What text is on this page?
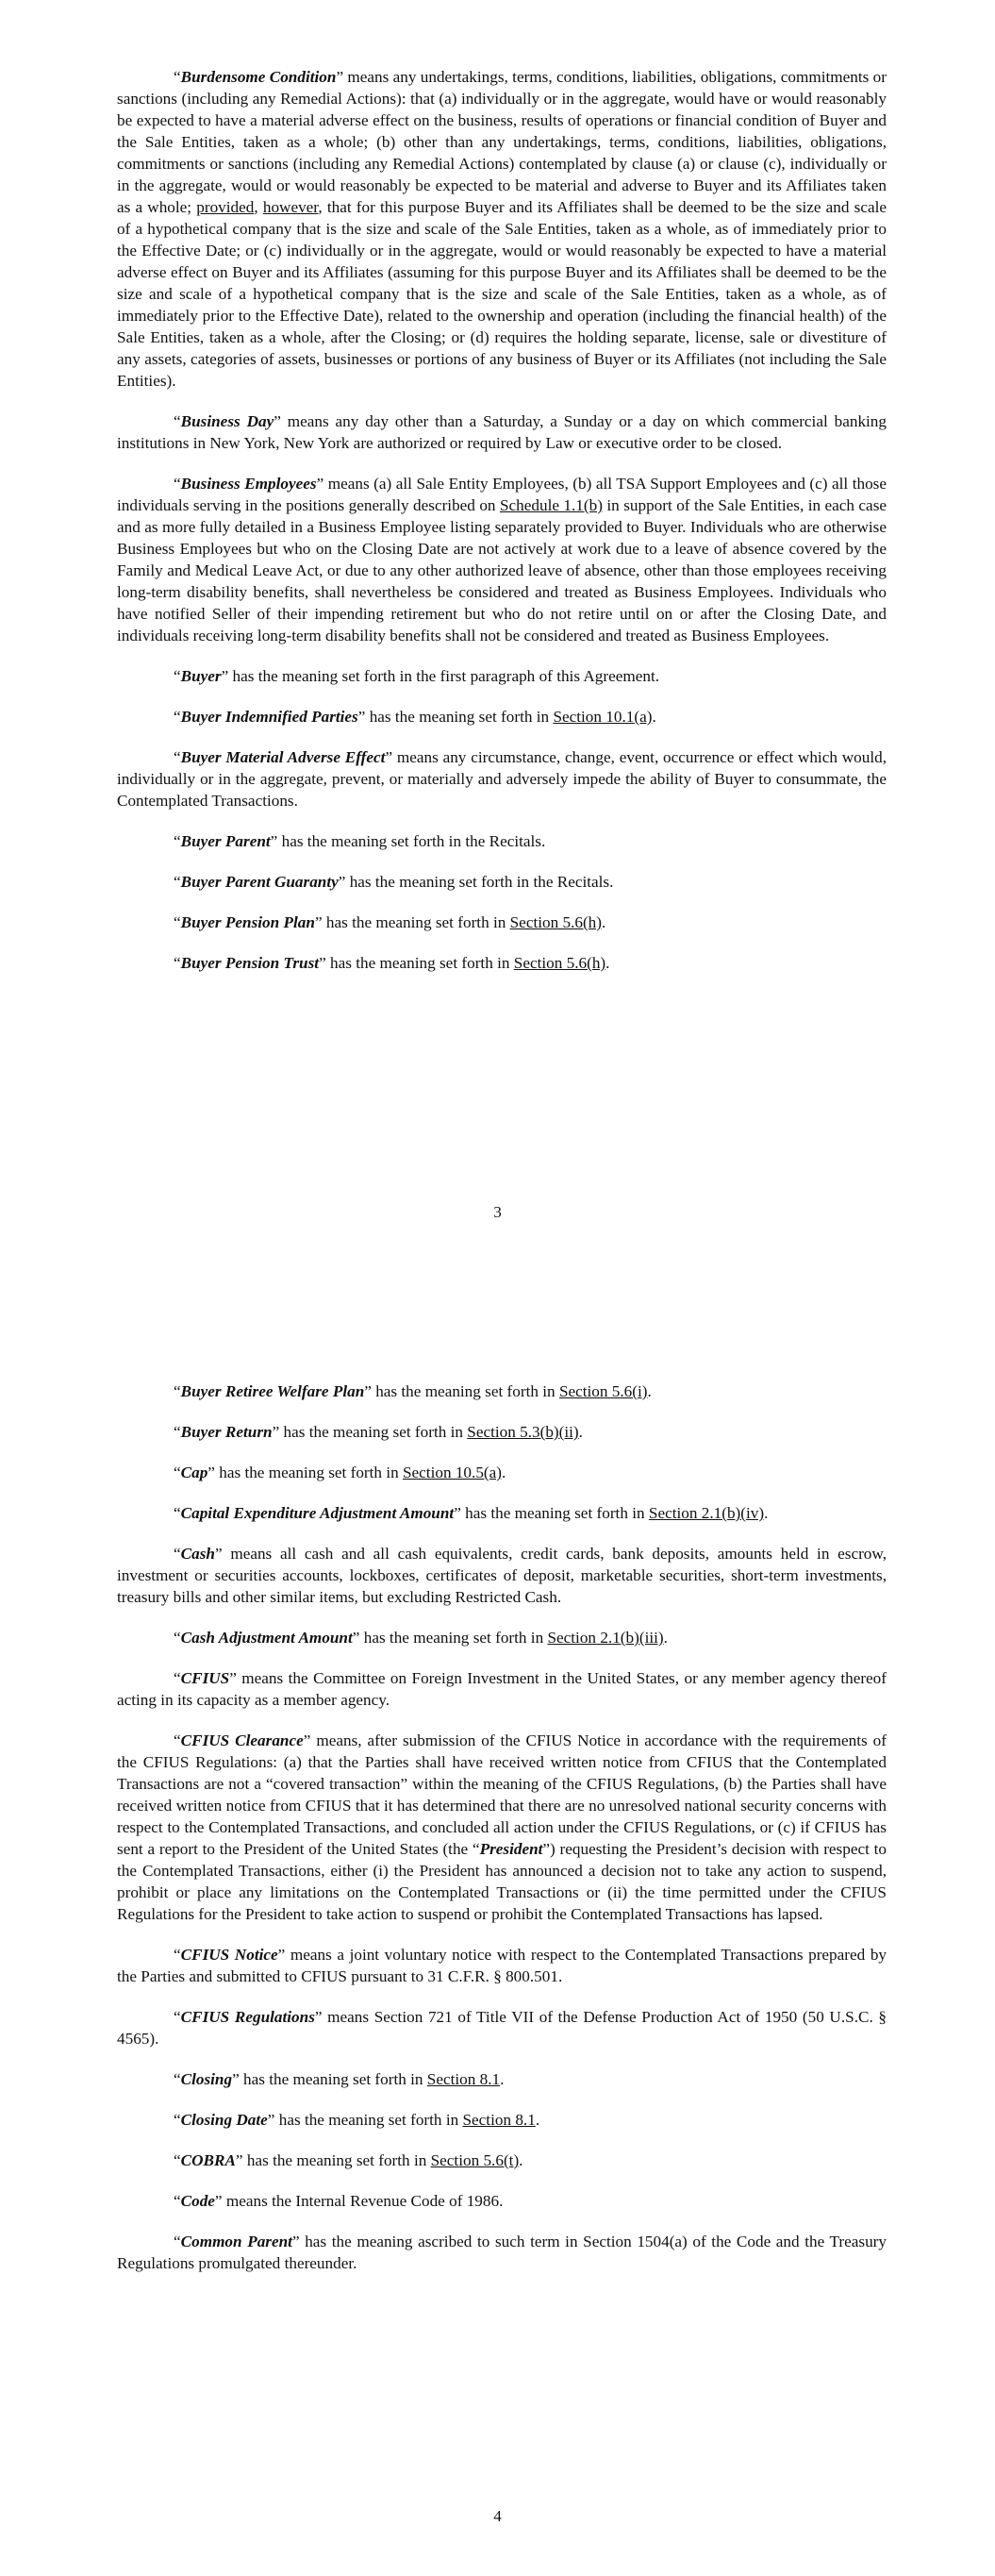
“Burdensome Condition” means any undertakings, terms, conditions, liabilities, obligations, commitments or sanctions (including any Remedial Actions): that (a) individually or in the aggregate, would have or would reasonably be expected to have a material adverse effect on the business, results of operations or financial condition of Buyer and the Sale Entities, taken as a whole; (b) other than any undertakings, terms, conditions, liabilities, obligations, commitments or sanctions (including any Remedial Actions) contemplated by clause (a) or clause (c), individually or in the aggregate, would or would reasonably be expected to be material and adverse to Buyer and its Affiliates taken as a whole; provided, however, that for this purpose Buyer and its Affiliates shall be deemed to be the size and scale of a hypothetical company that is the size and scale of the Sale Entities, taken as a whole, as of immediately prior to the Effective Date; or (c) individually or in the aggregate, would or would reasonably be expected to have a material adverse effect on Buyer and its Affiliates (assuming for this purpose Buyer and its Affiliates shall be deemed to be the size and scale of a hypothetical company that is the size and scale of the Sale Entities, taken as a whole, as of immediately prior to the Effective Date), related to the ownership and operation (including the financial health) of the Sale Entities, taken as a whole, after the Closing; or (d) requires the holding separate, license, sale or divestiture of any assets, categories of assets, businesses or portions of any business of Buyer or its Affiliates (not including the Sale Entities).

“Business Day” means any day other than a Saturday, a Sunday or a day on which commercial banking institutions in New York, New York are authorized or required by Law or executive order to be closed.

“Business Employees” means (a) all Sale Entity Employees, (b) all TSA Support Employees and (c) all those individuals serving in the positions generally described on Schedule 1.1(b) in support of the Sale Entities, in each case and as more fully detailed in a Business Employee listing separately provided to Buyer. Individuals who are otherwise Business Employees but who on the Closing Date are not actively at work due to a leave of absence covered by the Family and Medical Leave Act, or due to any other authorized leave of absence, other than those employees receiving long-term disability benefits, shall nevertheless be considered and treated as Business Employees. Individuals who have notified Seller of their impending retirement but who do not retire until on or after the Closing Date, and individuals receiving long-term disability benefits shall not be considered and treated as Business Employees.

“Buyer” has the meaning set forth in the first paragraph of this Agreement.

“Buyer Indemnified Parties” has the meaning set forth in Section 10.1(a).

“Buyer Material Adverse Effect” means any circumstance, change, event, occurrence or effect which would, individually or in the aggregate, prevent, or materially and adversely impede the ability of Buyer to consummate, the Contemplated Transactions.

“Buyer Parent” has the meaning set forth in the Recitals.

“Buyer Parent Guaranty” has the meaning set forth in the Recitals.

“Buyer Pension Plan” has the meaning set forth in Section 5.6(h).

“Buyer Pension Trust” has the meaning set forth in Section 5.6(h).

3

“Buyer Retiree Welfare Plan” has the meaning set forth in Section 5.6(i).

“Buyer Return” has the meaning set forth in Section 5.3(b)(ii).

“Cap” has the meaning set forth in Section 10.5(a).

“Capital Expenditure Adjustment Amount” has the meaning set forth in Section 2.1(b)(iv).

“Cash” means all cash and all cash equivalents, credit cards, bank deposits, amounts held in escrow, investment or securities accounts, lockboxes, certificates of deposit, marketable securities, short-term investments, treasury bills and other similar items, but excluding Restricted Cash.

“Cash Adjustment Amount” has the meaning set forth in Section 2.1(b)(iii).

“CFIUS” means the Committee on Foreign Investment in the United States, or any member agency thereof acting in its capacity as a member agency.

“CFIUS Clearance” means, after submission of the CFIUS Notice in accordance with the requirements of the CFIUS Regulations: (a) that the Parties shall have received written notice from CFIUS that the Contemplated Transactions are not a “covered transaction” within the meaning of the CFIUS Regulations, (b) the Parties shall have received written notice from CFIUS that it has determined that there are no unresolved national security concerns with respect to the Contemplated Transactions, and concluded all action under the CFIUS Regulations, or (c) if CFIUS has sent a report to the President of the United States (the “President”) requesting the President’s decision with respect to the Contemplated Transactions, either (i) the President has announced a decision not to take any action to suspend, prohibit or place any limitations on the Contemplated Transactions or (ii) the time permitted under the CFIUS Regulations for the President to take action to suspend or prohibit the Contemplated Transactions has lapsed.

“CFIUS Notice” means a joint voluntary notice with respect to the Contemplated Transactions prepared by the Parties and submitted to CFIUS pursuant to 31 C.F.R. § 800.501.

“CFIUS Regulations” means Section 721 of Title VII of the Defense Production Act of 1950 (50 U.S.C. § 4565).

“Closing” has the meaning set forth in Section 8.1.

“Closing Date” has the meaning set forth in Section 8.1.

“COBRA” has the meaning set forth in Section 5.6(t).

“Code” means the Internal Revenue Code of 1986.

“Common Parent” has the meaning ascribed to such term in Section 1504(a) of the Code and the Treasury Regulations promulgated thereunder.

4
